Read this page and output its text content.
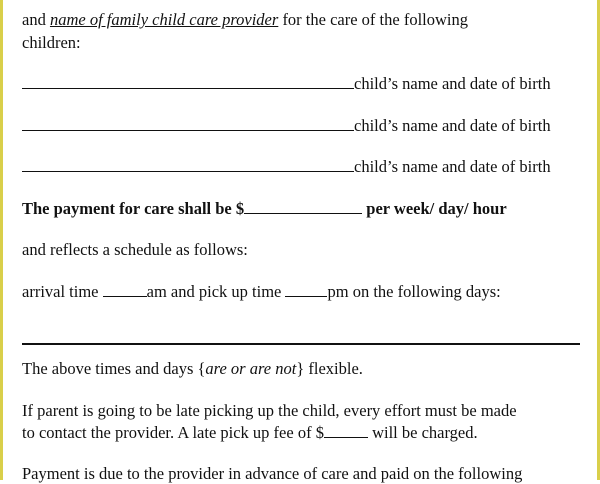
and name of family child care provider for the care of the following
children:
child’s name and date of birth
child’s name and date of birth
child’s name and date of birth
The payment for care shall be $	per week/ day/ hour
and reflects a schedule as follows:
arrival time	am and pick up time	pm on the following days:
The above times and days {are or are not} flexible.
If parent is going to be late picking up the child, every effort must be made
to contact the provider. A late pick up fee of $	will be charged.
Payment is due to the provider in advance of care and paid on the following
